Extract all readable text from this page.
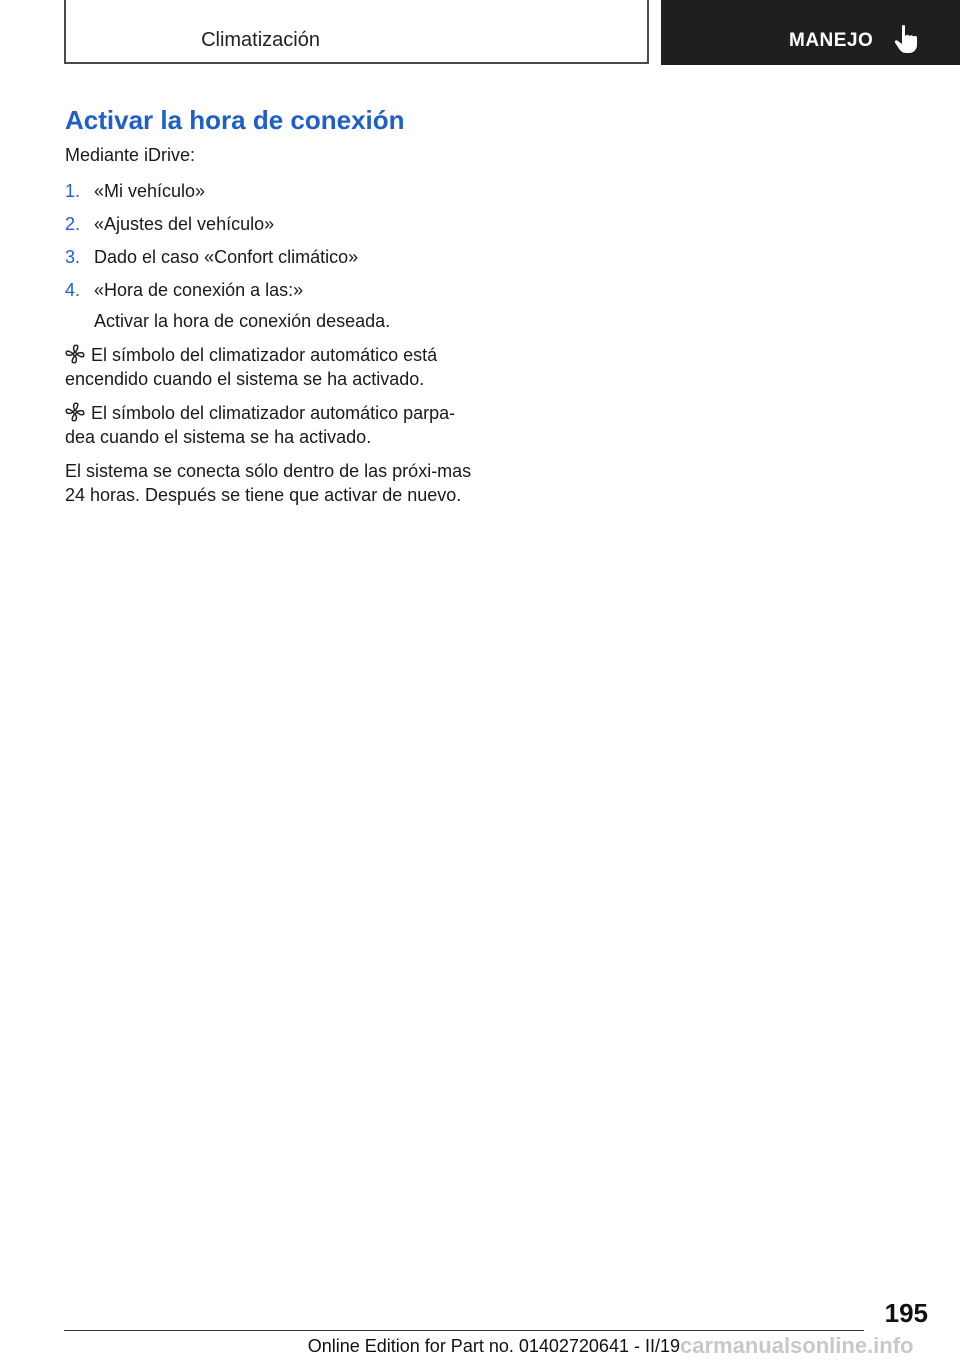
Climatización	MANEJO
Activar la hora de conexión

Mediante iDrive:

1. «Mi vehículo»
2. «Ajustes del vehículo»
3. Dado el caso «Confort climático»
4. «Hora de conexión a las:»

Activar la hora de conexión deseada.

El símbolo del climatizador automático está encendido cuando el sistema se ha activado.

El símbolo del climatizador automático parpa‐dea cuando el sistema se ha activado.

El sistema se conecta sólo dentro de las próxi‐mas 24 horas. Después se tiene que activar de nuevo.

195
Online Edition for Part no. 01402720641 - II/19 carmanualsonline.info
